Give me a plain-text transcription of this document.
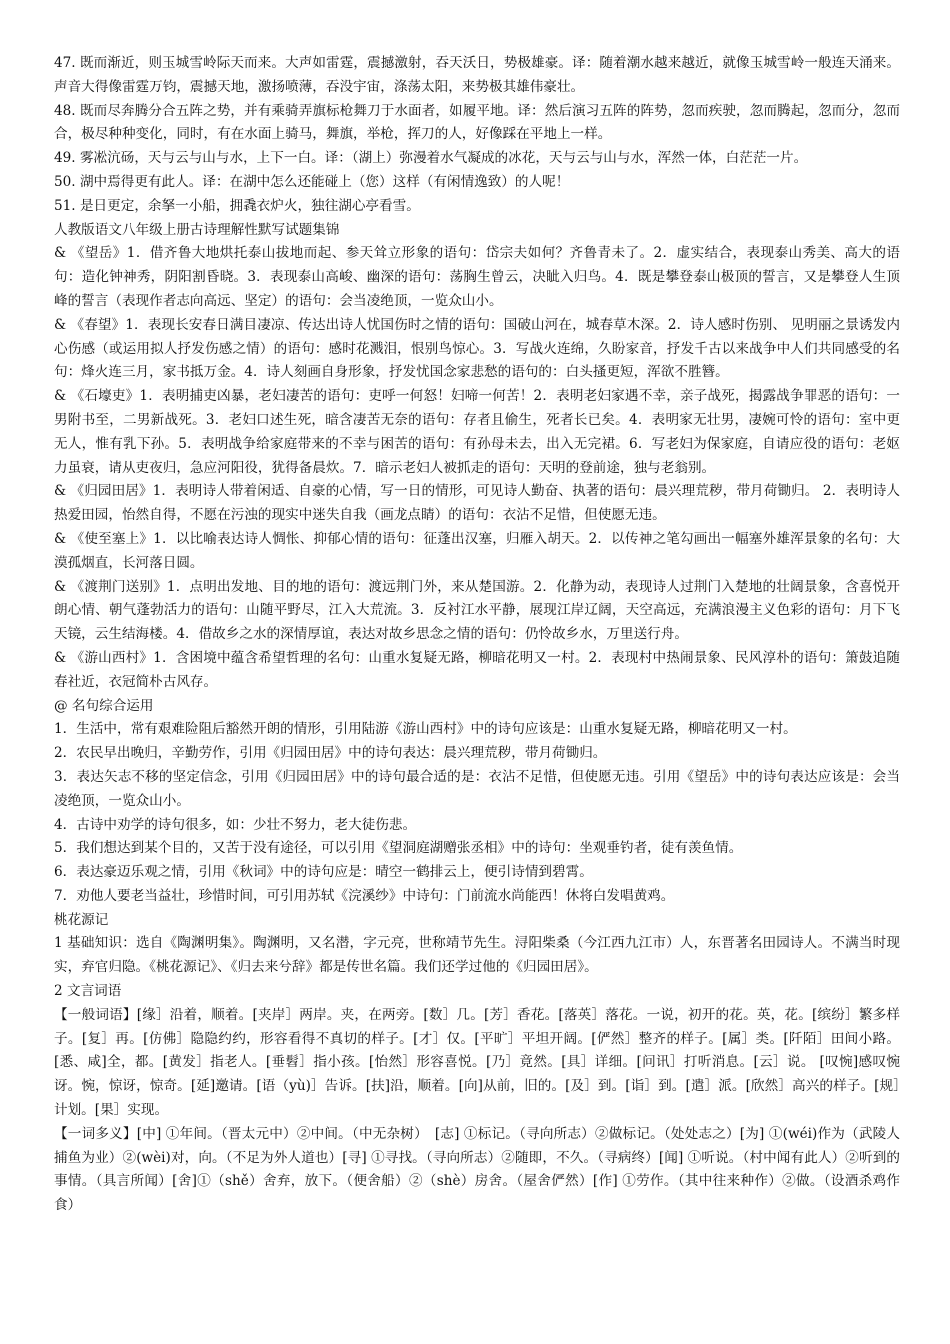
47. 既而渐近，则玉城雪岭际天而来。大声如雷霆，震撼激射，吞天沃日，势极雄豪。译：随着潮水越来越近，就像玉城雪岭一般连天涌来。声音大得像雷霆万钧，震撼天地，激扬喷薄，吞没宇宙，涤荡太阳，来势极其雄伟豪壮。

48. 既而尽奔腾分合五阵之势，并有乘骑弄旗标枪舞刀于水面者，如履平地。译：然后演习五阵的阵势，忽而疾驶，忽而腾起，忽而分，忽而合，极尽种种变化，同时，有在水面上骑马，舞旗，举枪，挥刀的人，好像踩在平地上一样。

49. 雾凇沆砀，天与云与山与水，上下一白。译：（湖上）弥漫着水气凝成的冰花，天与云与山与水，浑然一体，白茫茫一片。

50. 湖中焉得更有此人。译：在湖中怎么还能碰上（您）这样（有闲情逸致）的人呢！

51. 是日更定，余拏一小船，拥毳衣炉火，独往湖心亭看雪。

人教版语文八年级上册古诗理解性默写试题集锦

& 《望岳》1．借齐鲁大地烘托泰山拔地而起、参天耸立形象的语句：岱宗夫如何？齐鲁青未了。2．虚实结合，表现泰山秀美、高大的语句：造化钟神秀，阴阳割昏晓。3．表现泰山高峻、幽深的语句：荡胸生曾云，决眦入归鸟。4．既是攀登泰山极顶的誓言，又是攀登人生顶峰的誓言（表现作者志向高远、坚定）的语句：会当凌绝顶，一览众山小。

& 《春望》1．表现长安春日满目凄凉、传达出诗人忧国伤时之情的语句：国破山河在，城春草木深。2．诗人感时伤别、 见明丽之景诱发内心伤感（或运用拟人抒发伤感之情）的语句：感时花溅泪，恨别鸟惊心。3．写战火连绵，久盼家音，抒发千古以来战争中人们共同感受的名句：烽火连三月，家书抵万金。4．诗人刻画自身形象，抒发忧国念家悲愁的语句的：白头搔更短，浑欲不胜簪。

& 《石壕吏》1．表明捕吏凶暴，老妇凄苦的语句：吏呼一何怒！妇啼一何苦！2．表明老妇家遇不幸，亲子战死，揭露战争罪恶的语句：一男附书至，二男新战死。3．老妇口述生死，暗含凄苦无奈的语句：存者且偷生，死者长已矣。4．表明家无壮男，凄婉可怜的语句：室中更无人，惟有乳下孙。5．表明战争给家庭带来的不幸与困苦的语句：有孙母未去，出入无完裙。6．写老妇为保家庭，自请应役的语句：老妪力虽衰，请从吏夜归，急应河阳役，犹得备晨炊。7．暗示老妇人被抓走的语句：天明的登前途，独与老翁别。

& 《归园田居》1．表明诗人带着闲适、自豪的心情，写一日的情形，可见诗人勤奋、执著的语句：晨兴理荒秽，带月荷锄归。 2．表明诗人热爱田园，怡然自得，不愿在污浊的现实中迷失自我（画龙点睛）的语句：衣沾不足惜，但使愿无违。

& 《使至塞上》1．以比喻表达诗人惆怅、抑郁心情的语句：征蓬出汉塞，归雁入胡天。2．以传神之笔勾画出一幅塞外雄浑景象的名句：大漠孤烟直，长河落日圆。

& 《渡荆门送别》1．点明出发地、目的地的语句：渡远荆门外，来从楚国游。2．化静为动，表现诗人过荆门入楚地的壮阔景象，含喜悦开朗心情、朝气蓬勃活力的语句：山随平野尽，江入大荒流。3．反衬江水平静，展现江岸辽阔，天空高远，充满浪漫主义色彩的语句：月下飞天镜，云生结海楼。4．借故乡之水的深情厚谊，表达对故乡思念之情的语句：仍怜故乡水，万里送行舟。

& 《游山西村》1．含困境中蕴含希望哲理的名句：山重水复疑无路，柳暗花明又一村。2．表现村中热闹景象、民风淳朴的语句：箫鼓追随春社近，衣冠简朴古风存。

@ 名句综合运用

1．生活中，常有艰难险阻后豁然开朗的情形，引用陆游《游山西村》中的诗句应该是：山重水复疑无路，柳暗花明又一村。

2．农民早出晚归，辛勤劳作，引用《归园田居》中的诗句表达：晨兴理荒秽，带月荷锄归。

3．表达矢志不移的坚定信念，引用《归园田居》中的诗句最合适的是：衣沾不足惜，但使愿无违。引用《望岳》中的诗句表达应该是：会当凌绝顶，一览众山小。

4．古诗中劝学的诗句很多，如：少壮不努力，老大徒伤悲。

5．我们想达到某个目的，又苦于没有途径，可以引用《望洞庭湖赠张丞相》中的诗句：坐观垂钓者，徒有羡鱼情。

6．表达豪迈乐观之情，引用《秋词》中的诗句应是：晴空一鹤排云上，便引诗情到碧霄。

7．劝他人要老当益壮，珍惜时间，可引用苏轼《浣溪纱》中诗句：门前流水尚能西！休将白发唱黄鸡。

桃花源记

1 基础知识：选自《陶渊明集》。陶渊明，又名潜，字元亮，世称靖节先生。浔阳柴桑（今江西九江市）人，东晋著名田园诗人。不满当时现实，弃官归隐。《桃花源记》、《归去来兮辞》都是传世名篇。我们还学过他的《归园田居》。

2 文言词语

【一般词语】[缘］沿着，顺着。[夹岸］两岸。夹，在两旁。[数］几。[芳］香花。[落英］落花。一说，初开的花。英，花。[缤纷］繁多样子。[复］再。[仿佛］隐隐约约，形容看得不真切的样子。[才］仅。[平旷］平坦开阔。[俨然］整齐的样子。[属］类。[阡陌］田间小路。[悉、咸]全，都。[黄发］指老人。[垂髫］指小孩。[怡然］形容喜悦。[乃］竟然。[具］详细。[问讯］打听消息。[云］说。 [叹惋]感叹惋讶。惋，惊讶，惊奇。[延]邀请。[语（yù)］告诉。[扶]沿，顺着。[向]从前，旧的。[及］到。[诣］到。[遣］派。[欣然］高兴的样子。[规］计划。[果］实现。

【一词多义】[中] ①年间。（晋太元中）②中间。（中无杂树）　[志] ①标记。（寻向所志）②做标记。（处处志之）[为] ①(wéi)作为（武陵人捕鱼为业）②(wèi)对，向。（不足为外人道也）[寻] ①寻找。（寻向所志）②随即，不久。（寻病终）[闻] ①听说。（村中闻有此人）②听到的事情。（具言所闻）[舍]①（shě）舍弃，放下。（便舍船）②（shè）房舍。（屋舍俨然）[作] ①劳作。（其中往来种作）②做。（设酒杀鸡作食）
